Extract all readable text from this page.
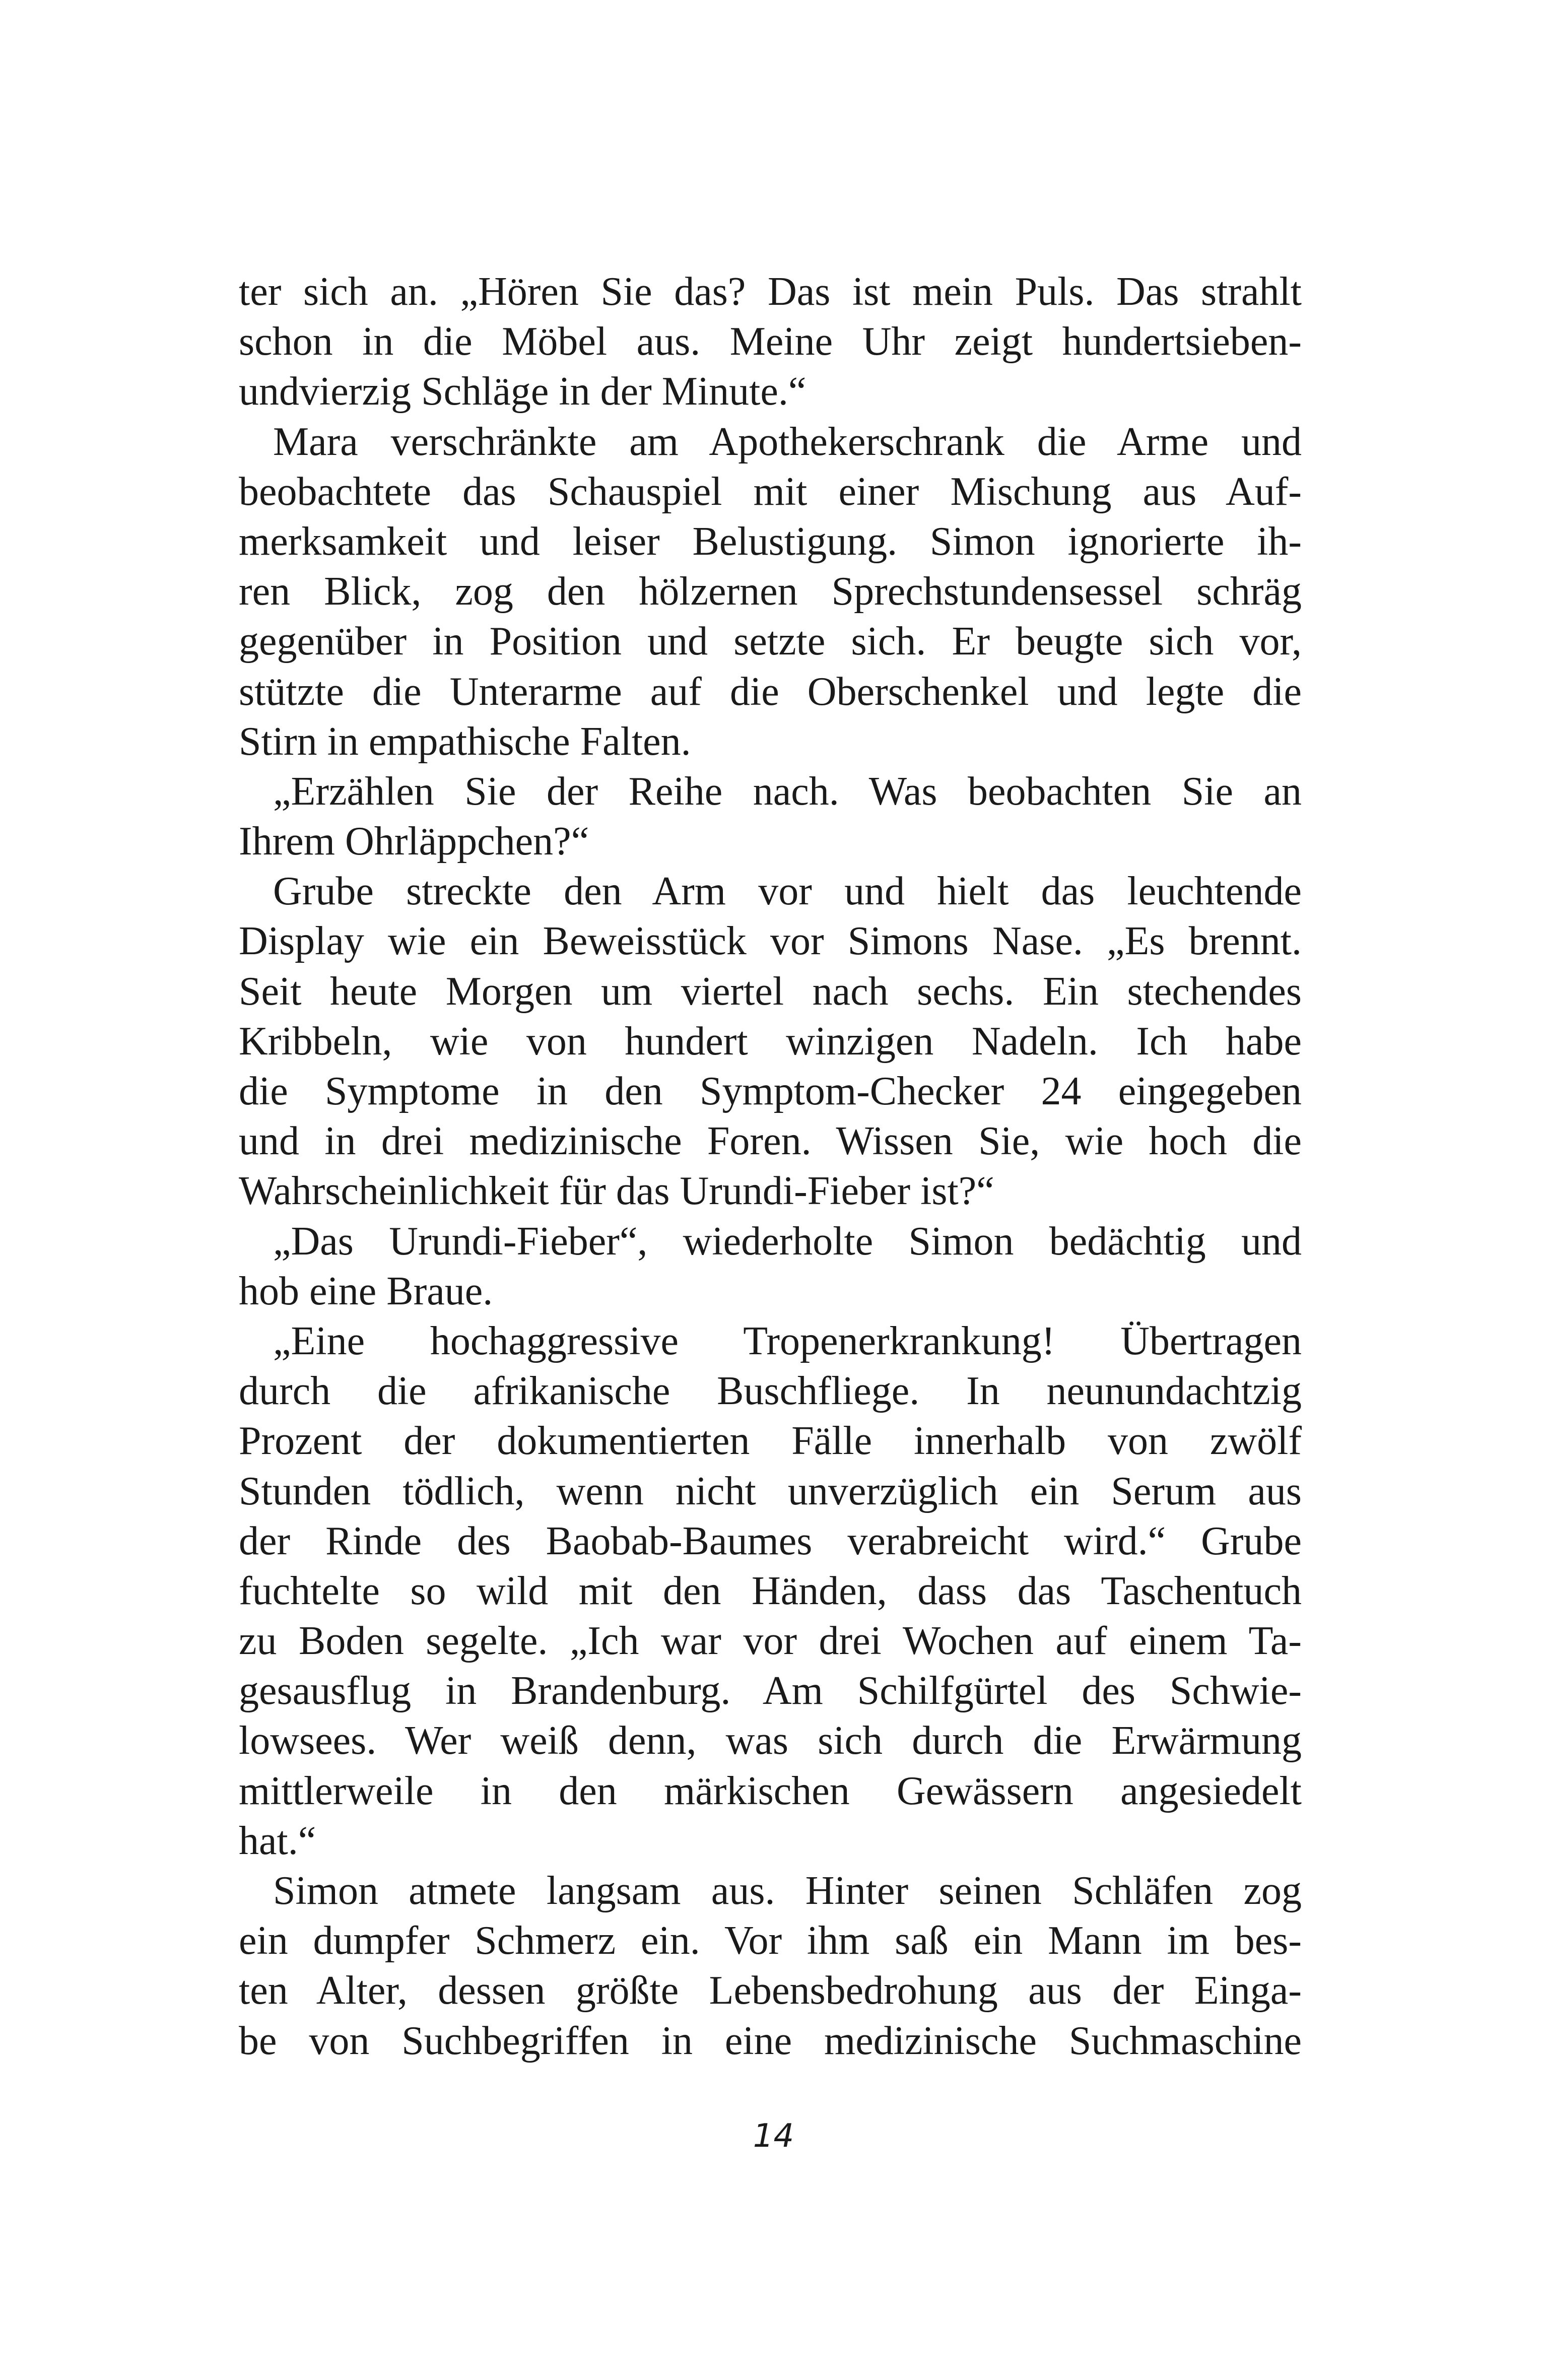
ter sich an. „Hören Sie das? Das ist mein Puls. Das strahlt
schon in die Möbel aus. Meine Uhr zeigt hundertsieben-
undvierzig Schläge in der Minute.“
Mara verschränkte am Apothekerschrank die Arme und
beobachtete das Schauspiel mit einer Mischung aus Auf-
merksamkeit und leiser Belustigung. Simon ignorierte ih-
ren Blick, zog den hölzernen Sprechstundensessel schräg
gegenüber in Position und setzte sich. Er beugte sich vor,
stützte die Unterarme auf die Oberschenkel und legte die
Stirn in empathische Falten.
„Erzählen Sie der Reihe nach. Was beobachten Sie an
Ihrem Ohrläppchen?“
Grube streckte den Arm vor und hielt das leuchtende
Display wie ein Beweisstück vor Simons Nase. „Es brennt.
Seit heute Morgen um viertel nach sechs. Ein stechendes
Kribbeln, wie von hundert winzigen Nadeln. Ich habe
die Symptome in den Symptom-Checker 24 eingegeben
und in drei medizinische Foren. Wissen Sie, wie hoch die
Wahrscheinlichkeit für das Urundi-Fieber ist?“
„Das Urundi-Fieber“, wiederholte Simon bedächtig und
hob eine Braue.
„Eine hochaggressive Tropenerkrankung! Übertragen
durch die afrikanische Buschfliege. In neunundachtzig
Prozent der dokumentierten Fälle innerhalb von zwölf
Stunden tödlich, wenn nicht unverzüglich ein Serum aus
der Rinde des Baobab-Baumes verabreicht wird.“ Grube
fuchtelte so wild mit den Händen, dass das Taschentuch
zu Boden segelte. „Ich war vor drei Wochen auf einem Ta-
gesausflug in Brandenburg. Am Schilfgürtel des Schwie-
lowsees. Wer weiß denn, was sich durch die Erwärmung
mittlerweile in den märkischen Gewässern angesiedelt
hat.“
Simon atmete langsam aus. Hinter seinen Schläfen zog
ein dumpfer Schmerz ein. Vor ihm saß ein Mann im bes-
ten Alter, dessen größte Lebensbedrohung aus der Einga-
be von Suchbegriffen in eine medizinische Suchmaschine
14
